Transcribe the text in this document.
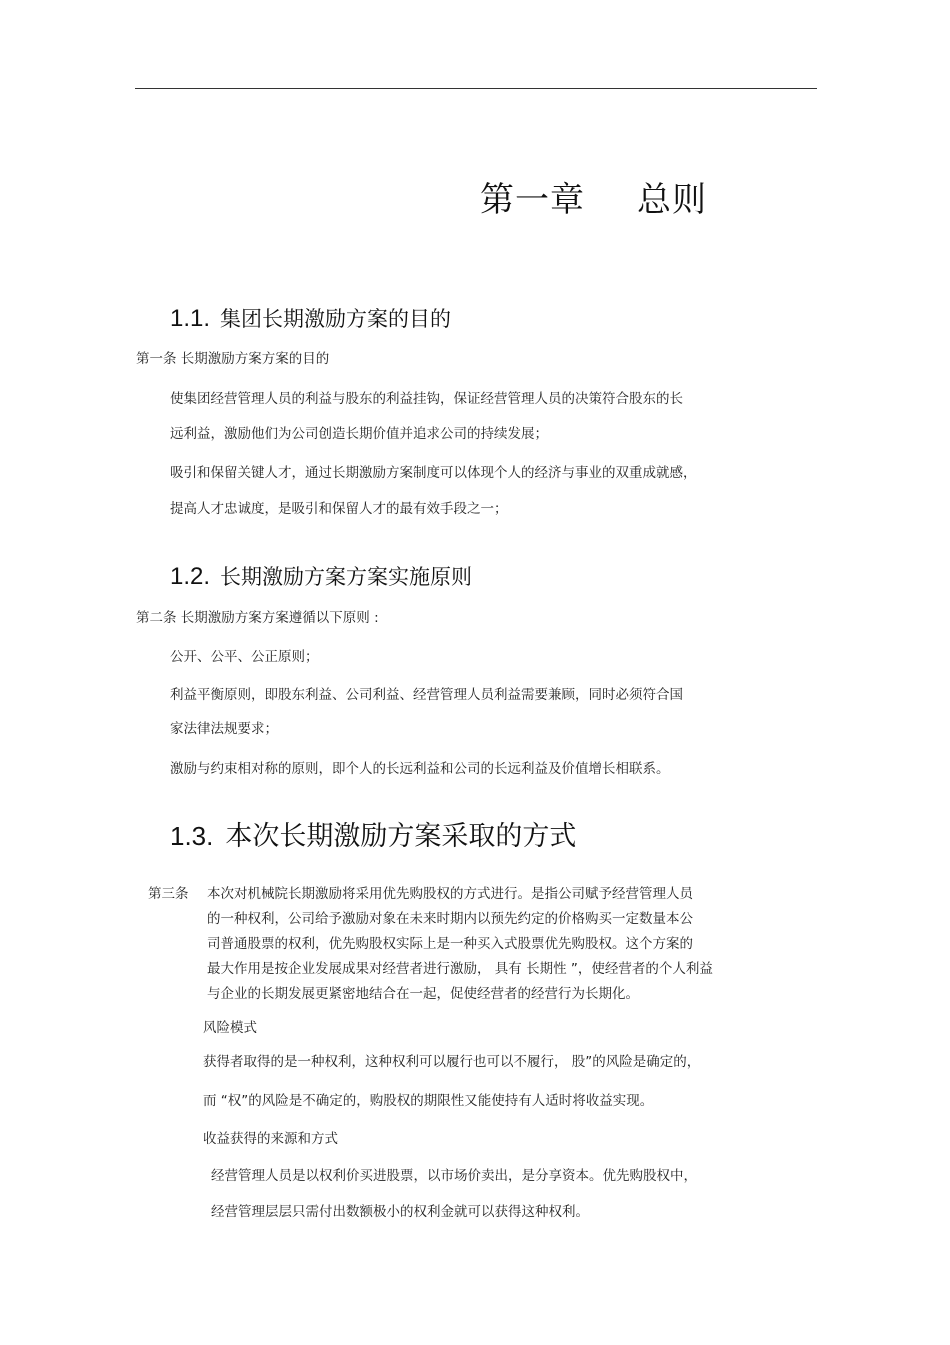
第一章 总则
1.1. 集团长期激励方案的目的
第一条 长期激励方案方案的目的
使集团经营管理人员的利益与股东的利益挂钩，保证经营管理人员的决策符合股东的长
远利益，激励他们为公司创造长期价值并追求公司的持续发展；
吸引和保留关键人才，通过长期激励方案制度可以体现个人的经济与事业的双重成就感，
提高人才忠诚度，是吸引和保留人才的最有效手段之一；
1.2. 长期激励方案方案实施原则
第二条 长期激励方案方案遵循以下原则 :
公开、公平、公正原则；
利益平衡原则，即股东利益、公司利益、经营管理人员利益需要兼顾，同时必须符合国
家法律法规要求；
激励与约束相对称的原则，即个人的长远利益和公司的长远利益及价值增长相联系。
1.3. 本次长期激励方案采取的方式
第三条 本次对机械院长期激励将采用优先购股权的方式进行。是指公司赋予经营管理人员
的一种权利，公司给予激励对象在未来时期内以预先约定的价格购买一定数量本公
司普通股票的权利，优先购股权实际上是一种买入式股票优先购股权。这个方案的
最大作用是按企业发展成果对经营者进行激励， 具有 长期性 ”，使经营者的个人利益
与企业的长期发展更紧密地结合在一起，促使经营者的经营行为长期化。
风险模式
获得者取得的是一种权利，这种权利可以履行也可以不履行， 股”的风险是确定的，
而 “权”的风险是不确定的，购股权的期限性又能使持有人适时将收益实现。
收益获得的来源和方式
经营管理人员是以权利价买进股票，以市场价卖出，是分享资本。优先购股权中，
经营管理层层只需付出数额极小的权利金就可以获得这种权利。
